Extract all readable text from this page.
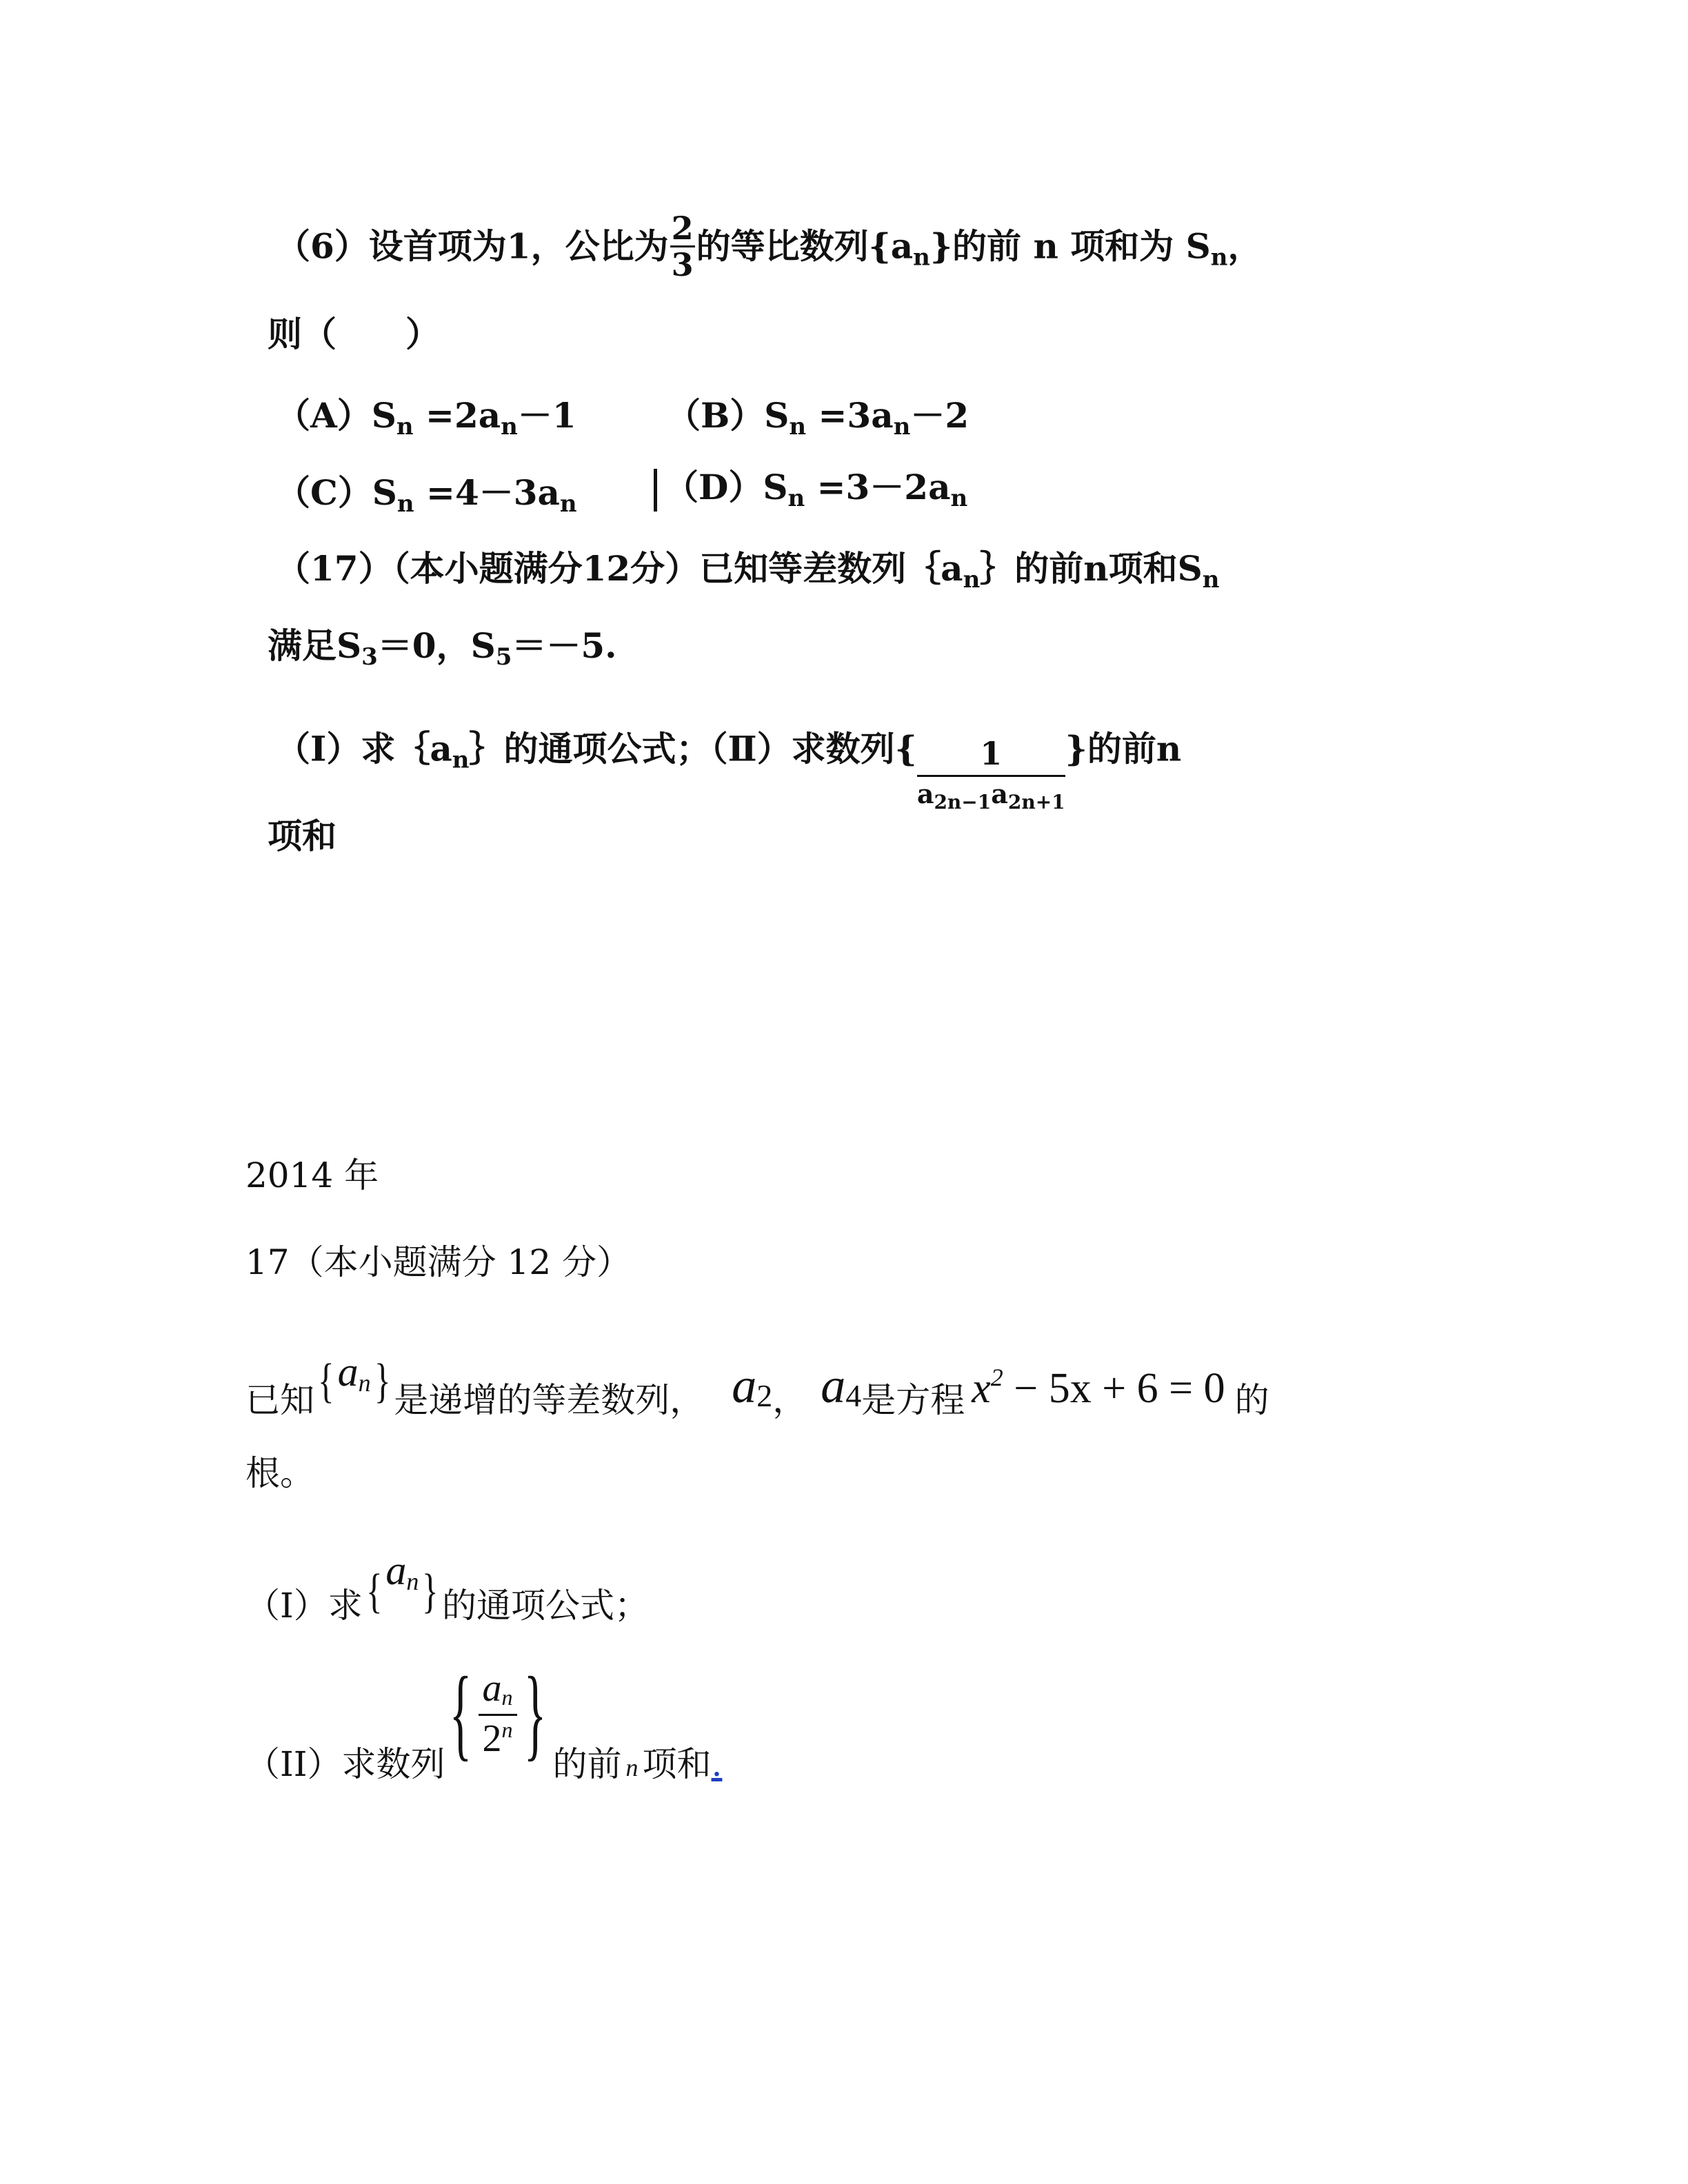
（6）设首项为1，公比为 $\frac{2}{3}$ 的等比数列$\{a_n\}$的前 n 项和为 $S_n$，
则（　　）
$(A)S_n =2a_n-1$	$(B)S_n =3a_n-2$
$(C)S_n =4-3a_n$	$(D)S_n =3-2a_n$
（17）（本小题满分12分）已知等差数列$\{a_n\}$的前n项和$S_n$
满足$S_3=0$，$S_5=-5$.
（Ⅰ）求$\{a_n\}$的通项公式；（Ⅱ）求数列{ $\frac{1}{a_{2n-1}a_{2n+1}}$ }的前n
项和
2014 年
17（本小题满分 12 分）
已知{an} 是递增的等差数列， $a_2$， $a_4$是方程 $x^2 - 5x + 6 = 0$ 的
根。
（I）求{an} 的通项公式；
（II）求数列{ $\frac{a_n}{2^n}$ } 的前 $_n$ 项和.
